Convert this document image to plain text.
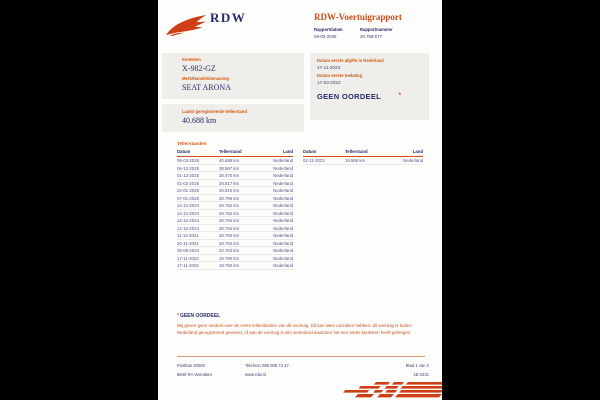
RDW	RDW-Voertuigrapport
Rapportdatum
06-03-2026
Rapportnummer
20.759.577
Kenteken
X-982-GZ
Merk/Handelsbenaming
SEAT ARONA
Laatst geregistreerde tellerstand
40.688 km
Datum eerste afgifte in Nederland
17-11-2023
Datum eerste toelating
17-03-2022
GEEN OORDEEL	*
Tellerstanden
Datum	Tellerstand	Land
06-03-2026	40.688 km	Nederland
06-12-2025	38.567 km	Nederland
01-12-2025	38.470 km	Nederland
01-02-2025	28.817 km	Nederland
22-01-2025	28.816 km	Nederland
07-01-2025	28.796 km	Nederland
12-12-2024	28.794 km	Nederland
12-12-2024	28.794 km	Nederland
12-12-2024	28.794 km	Nederland
12-12-2024	28.794 km	Nederland
11-12-2024	28.794 km	Nederland
26-11-2024	28.794 km	Nederland
25-06-2024	23.783 km	Nederland
17-11-2023	19.780 km	Nederland
17-11-2023	19.750 km	Nederland
Datum	Tellerstand	Land
02-11-2023	19.568 km	Nederland
*GEEN OORDEEL
Wij geven geen oordeel over de reeks tellerstanden van dit voertuig. Dit kan twee oorzaken hebben: dit voertuig is buiten Nederland geregistreerd geweest, of aan dit voertuig is iets veranderd waardoor het een ander kenteken heeft gekregen.
Postbus 30000
9640 RA Veendam
Telefoon 088 008 74 47
www.rdw.nl
Blad 1 van 2
2E 0231
